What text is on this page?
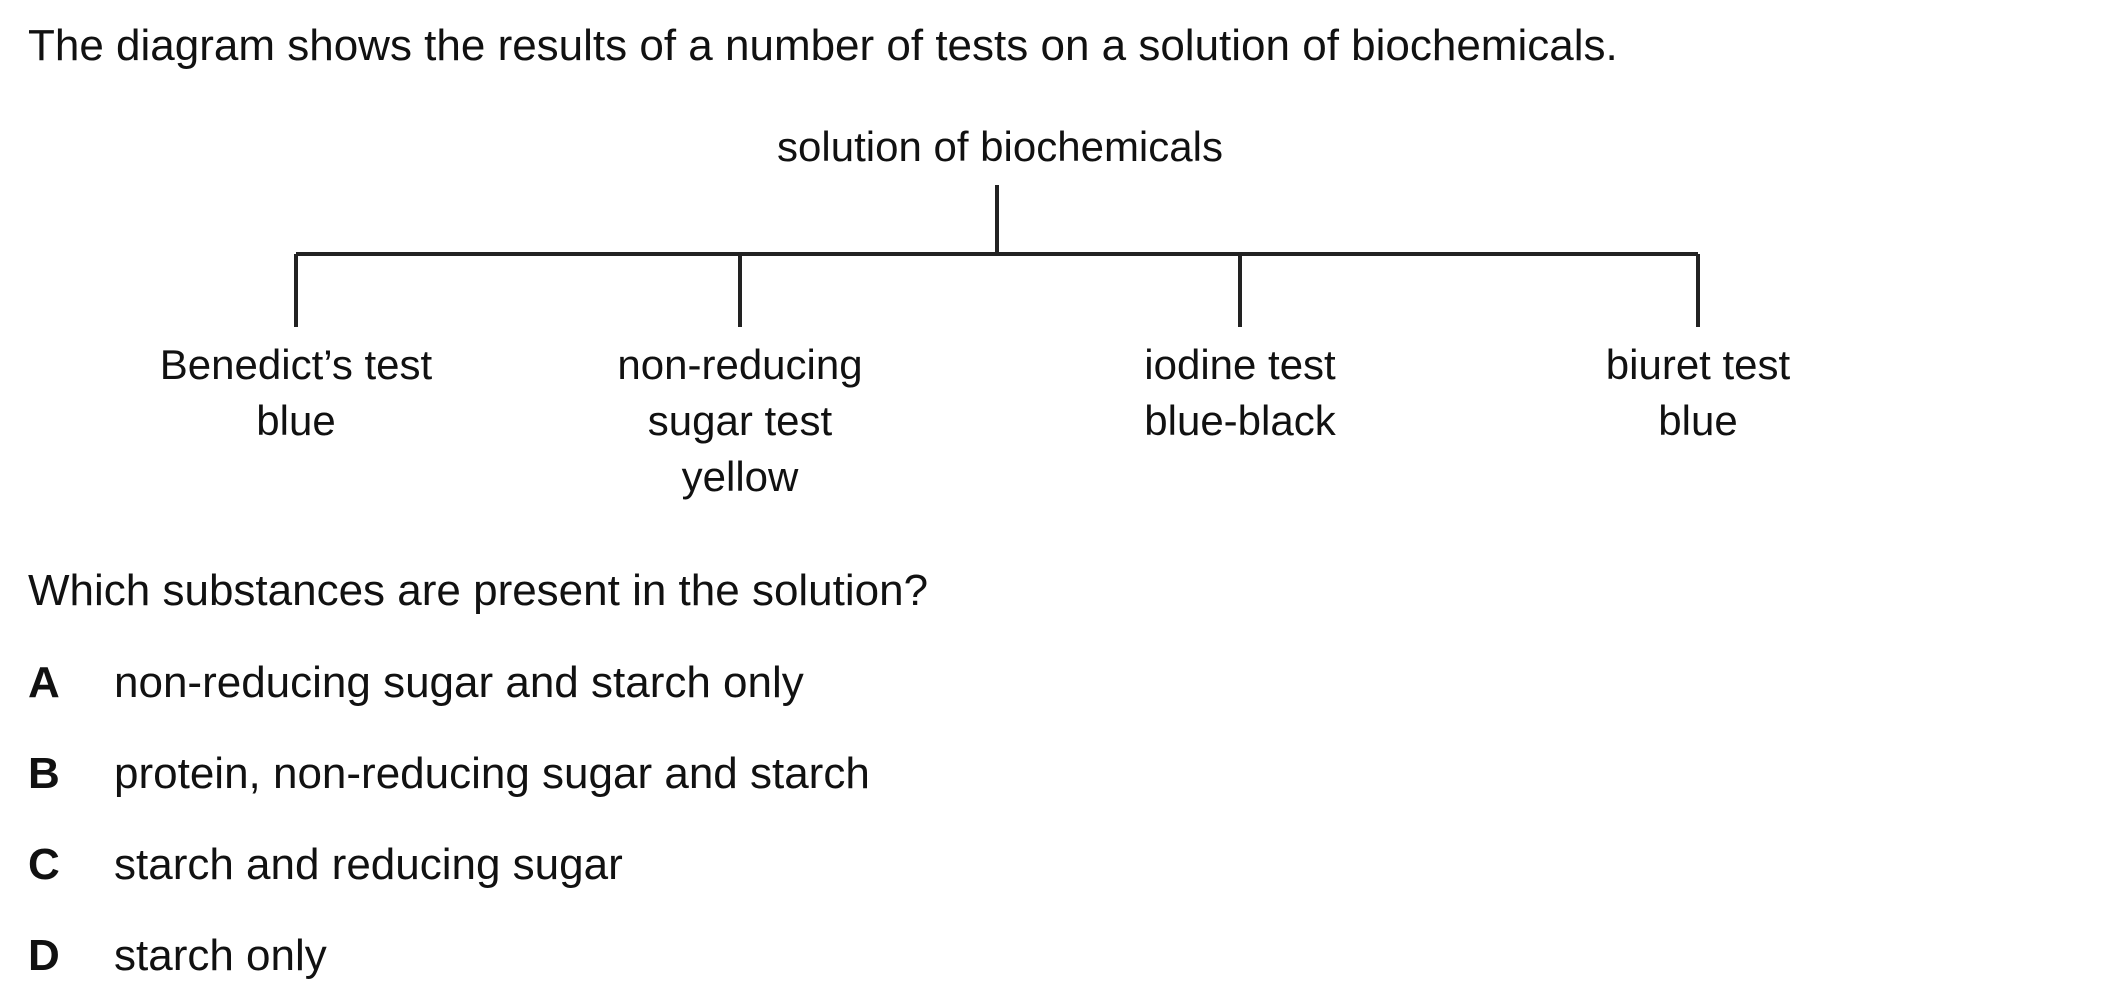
The diagram shows the results of a number of tests on a solution of biochemicals.
solution of biochemicals
Benedict’s test
blue
non-reducing
sugar test
yellow
iodine test
blue-black
biuret test
blue
Which substances are present in the solution?
A non-reducing sugar and starch only
B protein, non-reducing sugar and starch
C starch and reducing sugar
D starch only
